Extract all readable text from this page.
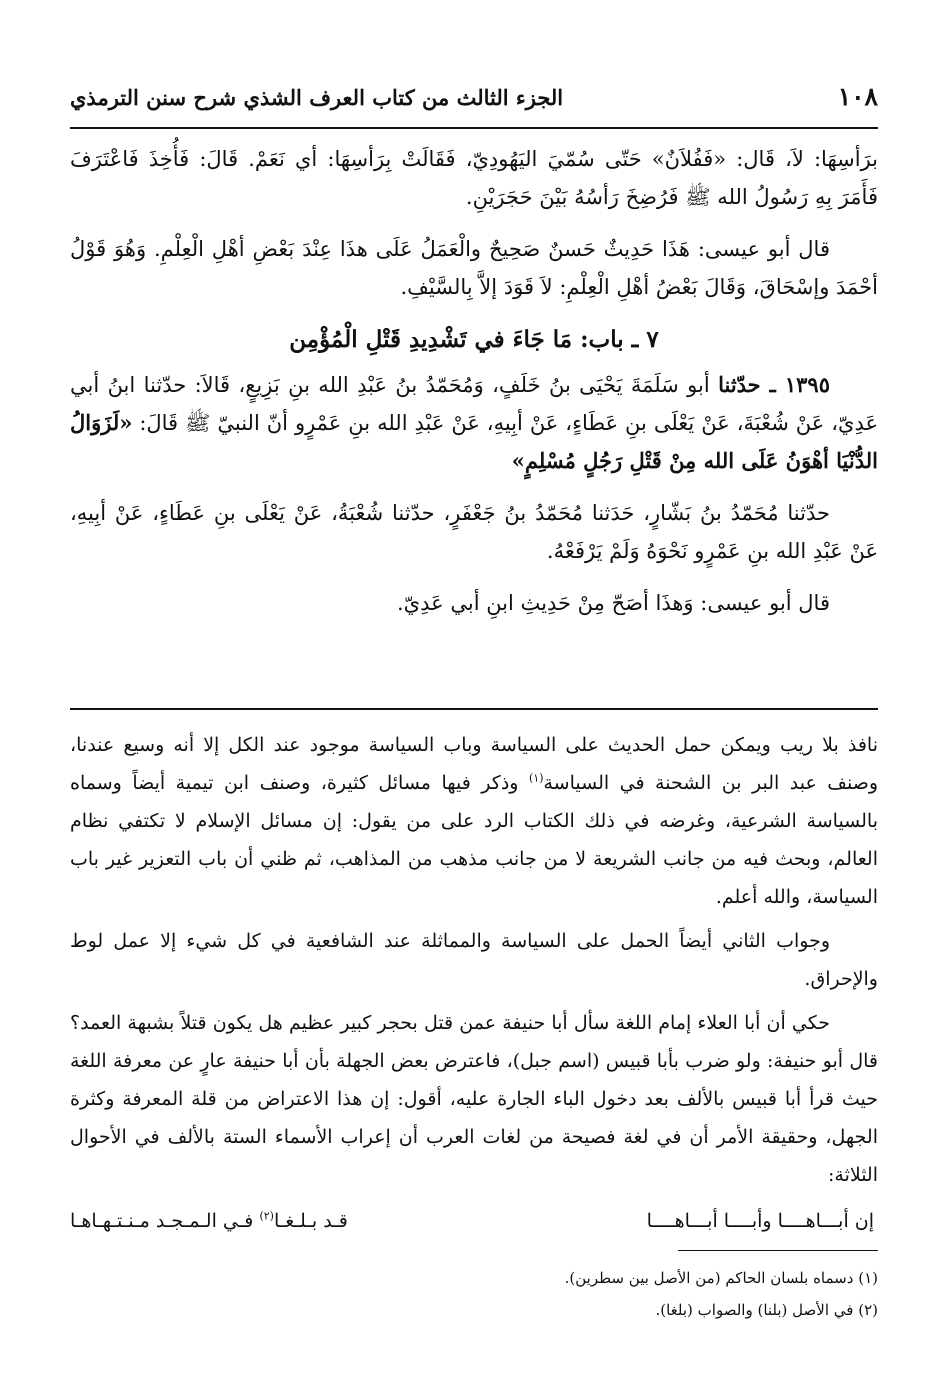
١٠٨
الجزء الثالث من كتاب العرف الشذي شرح سنن الترمذي

برَأسِهَا: لاَ، قَال: «فَفُلاَنٌ» حَتّى سُمّيَ اليَهُودِيّ، فَقَالَتْ بِرَأسِهَا: أي نَعَمْ. قَالَ: فَأُخِذَ فَاعْتَرَفَ فَأَمَرَ بِهِ رَسُولُ الله ﷺ فَرُضِخَ رَأسُهُ بَيْنَ حَجَرَيْنِ.

قال أبو عيسى: هَذَا حَدِيثٌ حَسنٌ صَحِيحٌ والْعَمَلُ عَلَى هذَا عِنْدَ بَعْضِ أهْلِ الْعِلْمِ. وَهُوَ قَوْلُ أحْمَدَ وإسْحَاقَ، وَقَالَ بَعْضُ أهْلِ الْعِلْمِ: لاَ قَوَدَ إلاَّ بِالسَّيْفِ.

٧ ـ باب: مَا جَاءَ في تَشْدِيدِ قَتْلِ الْمُؤْمِن

١٣٩٥ ـ حدّثنا أبو سَلَمَةَ يَحْيَى بنُ خَلَفٍ، وَمُحَمّدُ بنُ عَبْدِ الله بنِ بَزِيعٍ، قَالاَ: حدّثنا ابنُ أبي عَدِيّ، عَنْ شُعْبَةَ، عَنْ يَعْلَى بنِ عَطَاءٍ، عَنْ أبِيهِ، عَنْ عَبْدِ الله بنِ عَمْرٍو أنّ النبيّ ﷺ قَالَ: «لَزَوَالُ الدُّنْيَا أهْوَنُ عَلَى الله مِنْ قَتْلِ رَجُلٍ مُسْلِمٍ»

حدّثنا مُحَمّدُ بنُ بَشّارٍ، حَدَثنا مُحَمّدُ بنُ جَعْفَرٍ، حدّثنا شُعْبَةُ، عَنْ يَعْلَى بنِ عَطَاءٍ، عَنْ أبِيهِ، عَنْ عَبْدِ الله بنِ عَمْرٍو نَحْوَهُ وَلَمْ يَرْفَعْهُ.

قال أبو عيسى: وَهذَا أصَحّ مِنْ حَدِيثِ ابنِ أبي عَدِيّ.

نافذ بلا ريب ويمكن حمل الحديث على السياسة وباب السياسة موجود عند الكل إلا أنه وسيع عندنا، وصنف عبد البر بن الشحنة في السياسة$^{(١)}$ وذكر فيها مسائل كثيرة، وصنف ابن تيمية أيضاً وسماه بالسياسة الشرعية، وغرضه في ذلك الكتاب الرد على من يقول: إن مسائل الإسلام لا تكتفي نظام العالم، وبحث فيه من جانب الشريعة لا من جانب مذهب من المذاهب، ثم ظني أن باب التعزير غير باب السياسة، والله أعلم.

وجواب الثاني أيضاً الحمل على السياسة والمماثلة عند الشافعية في كل شيء إلا عمل لوط والإحراق.

حكي أن أبا العلاء إمام اللغة سأل أبا حنيفة عمن قتل بحجر كبير عظيم هل يكون قتلاً بشبهة العمد؟ قال أبو حنيفة: ولو ضرب بأبا قبيس (اسم جبل)، فاعترض بعض الجهلة بأن أبا حنيفة عارٍ عن معرفة اللغة حيث قرأ أبا قبيس بالألف بعد دخول الباء الجارة عليه، أقول: إن هذا الاعتراض من قلة المعرفة وكثرة الجهل، وحقيقة الأمر أن في لغة فصيحة من لغات العرب أن إعراب الأسماء الستة بالألف في الأحوال الثلاثة:

إن أبـــاهــــا وأبــــا أبـــاهــــا
قـد بـلـغـا$^{(٢)}$ فـي الـمـجـد مـنـتـهـاهـا

(١) دسماه بلسان الحاكم (من الأصل بين سطرين).

(٢) في الأصل (بلنا) والصواب (بلغا).
